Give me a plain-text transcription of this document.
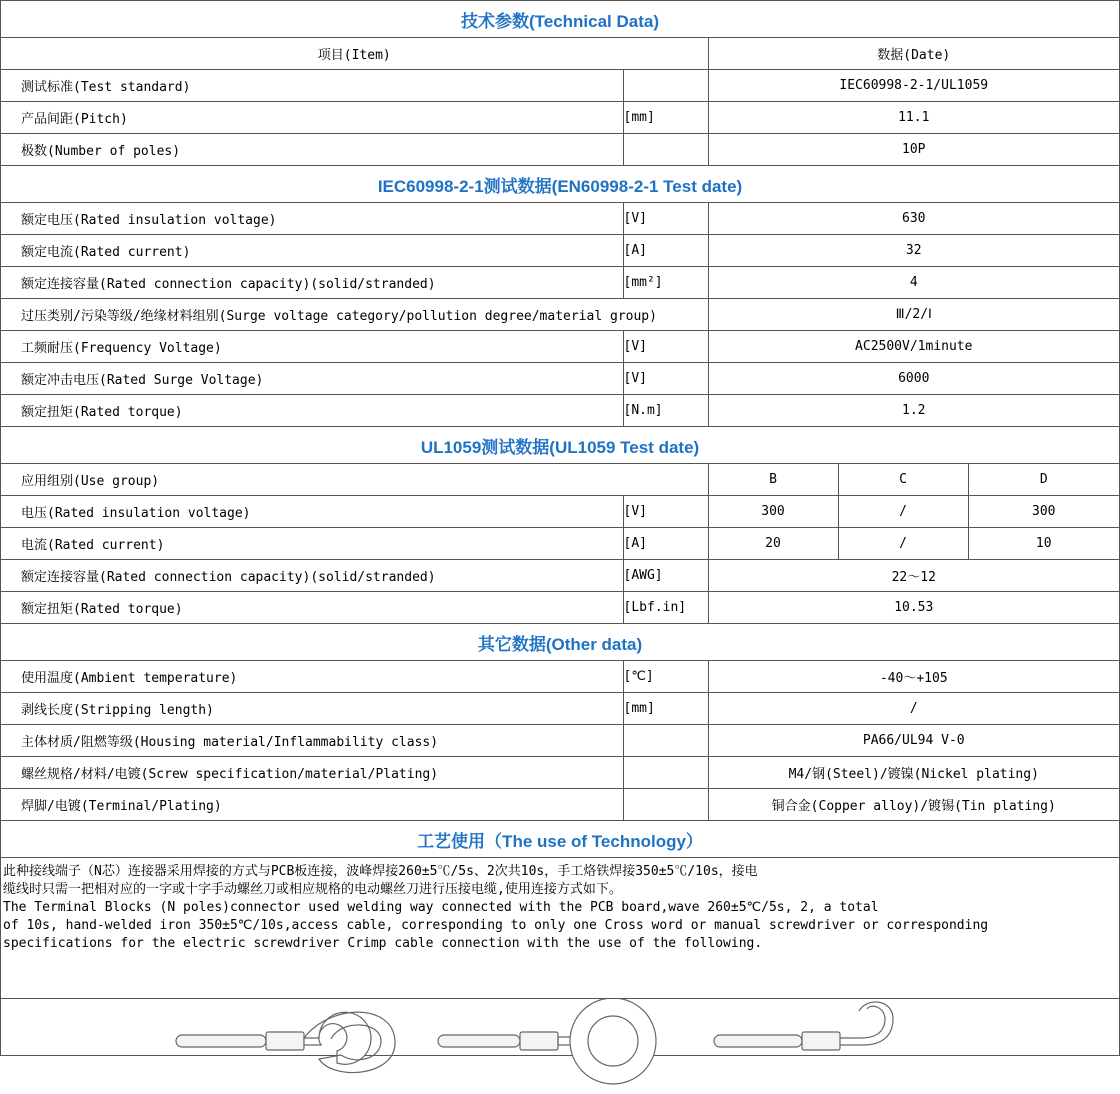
技术参数(Technical Data)				
项目(Item)		数据(Date)		
测试标准(Test standard)		IEC60998-2-1/UL1059		
产品间距(Pitch)	[mm]	11.1		
极数(Number of poles)		10P		
IEC60998-2-1测试数据(EN60998-2-1 Test date)				
额定电压(Rated insulation voltage)	[V]	630		
额定电流(Rated current)	[A]	32		
额定连接容量(Rated connection capacity)(solid/stranded)	[mm²]	4		
过压类别/污染等级/绝缘材料组别(Surge voltage category/pollution degree/material group)		Ⅲ/2/Ⅰ		
工频耐压(Frequency Voltage)	[V]	AC2500V/1minute		
额定冲击电压(Rated Surge Voltage)	[V]	6000		
额定扭矩(Rated torque)	[N.m]	1.2		
UL1059测试数据(UL1059 Test date)				
应用组别(Use group)		B	C	D
电压(Rated insulation voltage)	[V]	300	/	300
电流(Rated current)	[A]	20	/	10
额定连接容量(Rated connection capacity)(solid/stranded)	[AWG]	22～12		
额定扭矩(Rated torque)	[Lbf.in]	10.53		
其它数据(Other data)				
使用温度(Ambient temperature)	[℃]	-40～+105		
剥线长度(Stripping length)	[mm]	/		
主体材质/阻燃等级(Housing material/Inflammability class)		PA66/UL94 V-0		
螺丝规格/材料/电镀(Screw specification/material/Plating)		M4/钢(Steel)/镀镍(Nickel plating)		
焊脚/电镀(Terminal/Plating)		铜合金(Copper alloy)/镀锡(Tin plating)		
工艺使用（The use of Technology）				

此种接线端子（N芯）连接器采用焊接的方式与PCB板连接，波峰焊接260±5℃/5s、2次共10s，手工烙铁焊接350±5℃/10s，接电
缆线时只需一把相对应的一字或十字手动螺丝刀或相应规格的电动螺丝刀进行压接电缆,使用连接方式如下。
The Terminal Blocks (N poles)connector used welding way connected with the PCB board,wave 260±5℃/5s, 2, a total
of 10s, hand-welded iron 350±5℃/10s,access cable, corresponding to only one Cross word or manual screwdriver or corresponding
specifications for the electric screwdriver Crimp cable connection with the use of the following.				
